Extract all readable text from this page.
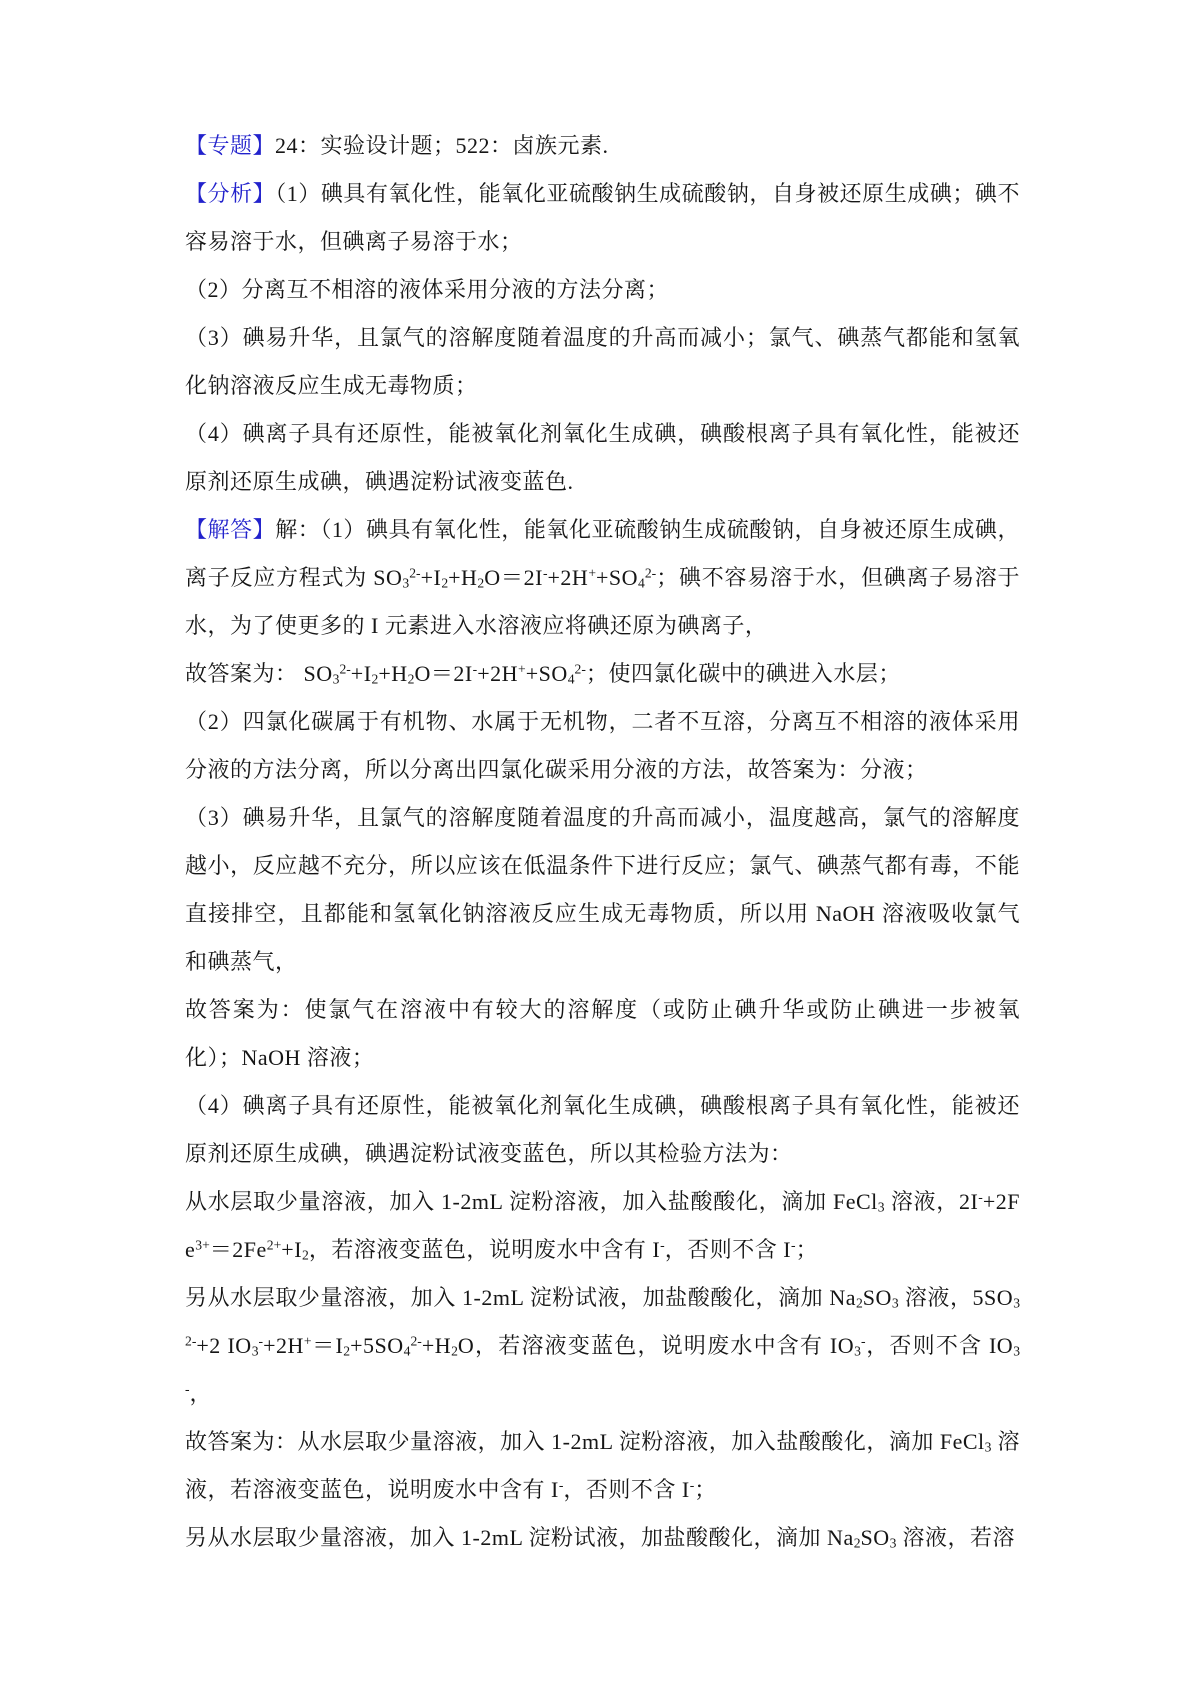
【专题】24：实验设计题；522：卤族元素.

【分析】（1）碘具有氧化性，能氧化亚硫酸钠生成硫酸钠，自身被还原生成碘；碘不容易溶于水，但碘离子易溶于水；

（2）分离互不相溶的液体采用分液的方法分离；

（3）碘易升华，且氯气的溶解度随着温度的升高而减小；氯气、碘蒸气都能和氢氧化钠溶液反应生成无毒物质；

（4）碘离子具有还原性，能被氧化剂氧化生成碘，碘酸根离子具有氧化性，能被还原剂还原生成碘，碘遇淀粉试液变蓝色.

【解答】解：（1）碘具有氧化性，能氧化亚硫酸钠生成硫酸钠，自身被还原生成碘，离子反应方程式为 $SO_3^{2-}+I_2+H_2O=2I^-+2H^++SO_4^{2-}$；碘不容易溶于水，但碘离子易溶于水，为了使更多的 I 元素进入水溶液应将碘还原为碘离子，

故答案为： $SO_3^{2-}+I_2+H_2O=2I^-+2H^++SO_4^{2-}$；使四氯化碳中的碘进入水层；

（2）四氯化碳属于有机物、水属于无机物，二者不互溶，分离互不相溶的液体采用分液的方法分离，所以分离出四氯化碳采用分液的方法，故答案为：分液；

（3）碘易升华，且氯气的溶解度随着温度的升高而减小，温度越高，氯气的溶解度越小，反应越不充分，所以应该在低温条件下进行反应；氯气、碘蒸气都有毒，不能直接排空，且都能和氢氧化钠溶液反应生成无毒物质，所以用 NaOH 溶液吸收氯气和碘蒸气，

故答案为：使氯气在溶液中有较大的溶解度（或防止碘升华或防止碘进一步被氧化）；NaOH 溶液；

（4）碘离子具有还原性，能被氧化剂氧化生成碘，碘酸根离子具有氧化性，能被还原剂还原生成碘，碘遇淀粉试液变蓝色，所以其检验方法为：

从水层取少量溶液，加入 1-2mL 淀粉溶液，加入盐酸酸化，滴加 FeCl$_3$ 溶液，$2I^-+2Fe^{3+}=2Fe^{2+}+I_2$，若溶液变蓝色，说明废水中含有 I-，否则不含 I-；

另从水层取少量溶液，加入 1-2mL 淀粉试液，加盐酸酸化，滴加 $Na_2SO_3$ 溶液，$5SO_3^{2-}+2$ $IO_3^-+2H^+=I_2+5SO_4^{2-}+H_2O$，若溶液变蓝色，说明废水中含有 $IO_3^-$，否则不含 $IO_3^-$，

故答案为：从水层取少量溶液，加入 1-2mL 淀粉溶液，加入盐酸酸化，滴加 FeCl$_3$ 溶液，若溶液变蓝色，说明废水中含有 I-，否则不含 I-；

另从水层取少量溶液，加入 1-2mL 淀粉试液，加盐酸酸化，滴加 $Na_2SO_3$ 溶液，若溶
